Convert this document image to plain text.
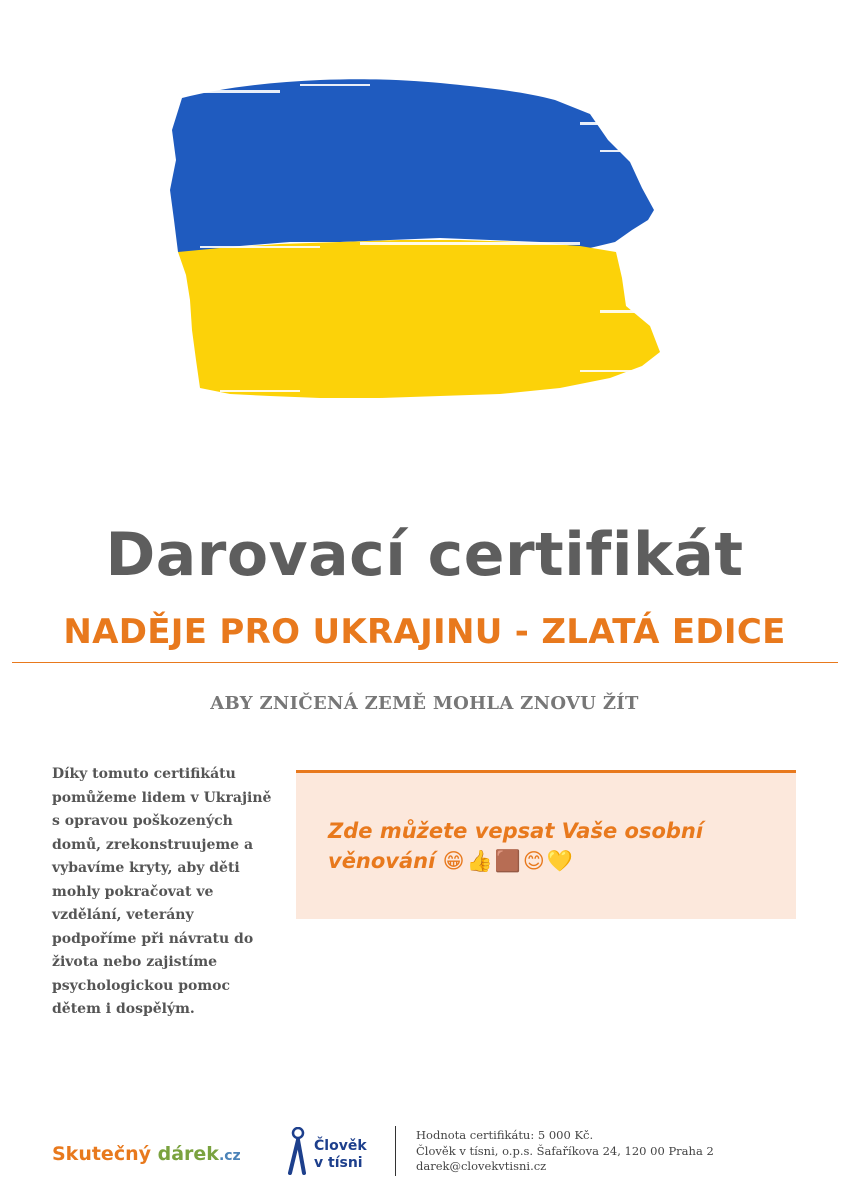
Darovací certifikát
NADĚJE PRO UKRAJINU - ZLATÁ EDICE
ABY ZNIČENÁ ZEMĚ MOHLA ZNOVU ŽÍT
Díky tomuto certifikátu pomůžeme lidem v Ukrajině s opravou poškozených domů, zrekonstruujeme a vybavíme kryty, aby děti mohly pokračovat ve vzdělání, veterány podpoříme při návratu do života nebo zajistíme psychologickou pomoc dětem i dospělým.
Zde můžete vepsat Vaše osobní věnování 😁👍🟫😊💛
Skutečný dárek.cz
Člověk
v tísni
Hodnota certifikátu: 5 000 Kč.
Člověk v tísni, o.p.s. Šafaříkova 24, 120 00 Praha 2
darek@clovekvtisni.cz
